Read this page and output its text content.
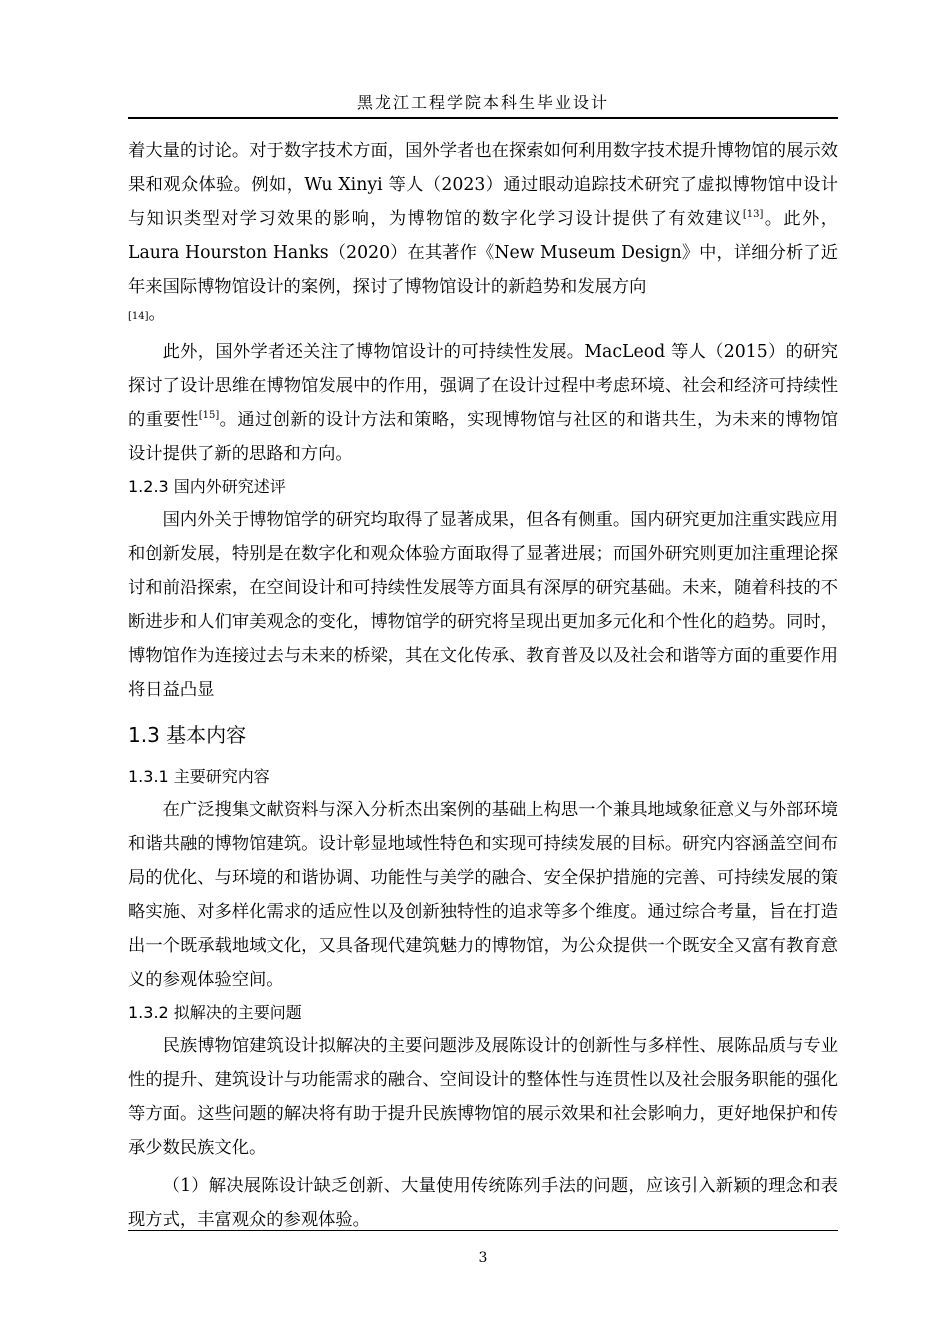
黑龙江工程学院本科生毕业设计

着大量的讨论。对于数字技术方面，国外学者也在探索如何利用数字技术提升博物馆的展示效果和观众体验。例如，Wu Xinyi 等人（2023）通过眼动追踪技术研究了虚拟博物馆中设计与知识类型对学习效果的影响，为博物馆的数字化学习设计提供了有效建议[13]。此外，Laura Hourston Hanks（2020）在其著作《New Museum Design》中，详细分析了近年来国际博物馆设计的案例，探讨了博物馆设计的新趋势和发展方向

[14]。

此外，国外学者还关注了博物馆设计的可持续性发展。MacLeod 等人（2015）的研究探讨了设计思维在博物馆发展中的作用，强调了在设计过程中考虑环境、社会和经济可持续性的重要性[15]。通过创新的设计方法和策略，实现博物馆与社区的和谐共生，为未来的博物馆设计提供了新的思路和方向。

1.2.3 国内外研究述评

国内外关于博物馆学的研究均取得了显著成果，但各有侧重。国内研究更加注重实践应用和创新发展，特别是在数字化和观众体验方面取得了显著进展；而国外研究则更加注重理论探讨和前沿探索，在空间设计和可持续性发展等方面具有深厚的研究基础。未来，随着科技的不断进步和人们审美观念的变化，博物馆学的研究将呈现出更加多元化和个性化的趋势。同时，博物馆作为连接过去与未来的桥梁，其在文化传承、教育普及以及社会和谐等方面的重要作用将日益凸显

1.3 基本内容
1.3.1 主要研究内容

在广泛搜集文献资料与深入分析杰出案例的基础上构思一个兼具地域象征意义与外部环境和谐共融的博物馆建筑。设计彰显地域性特色和实现可持续发展的目标。研究内容涵盖空间布局的优化、与环境的和谐协调、功能性与美学的融合、安全保护措施的完善、可持续发展的策略实施、对多样化需求的适应性以及创新独特性的追求等多个维度。通过综合考量，旨在打造出一个既承载地域文化，又具备现代建筑魅力的博物馆，为公众提供一个既安全又富有教育意义的参观体验空间。

1.3.2 拟解决的主要问题

民族博物馆建筑设计拟解决的主要问题涉及展陈设计的创新性与多样性、展陈品质与专业性的提升、建筑设计与功能需求的融合、空间设计的整体性与连贯性以及社会服务职能的强化等方面。这些问题的解决将有助于提升民族博物馆的展示效果和社会影响力，更好地保护和传承少数民族文化。

（1）解决展陈设计缺乏创新、大量使用传统陈列手法的问题，应该引入新颖的理念和表现方式，丰富观众的参观体验。

3
